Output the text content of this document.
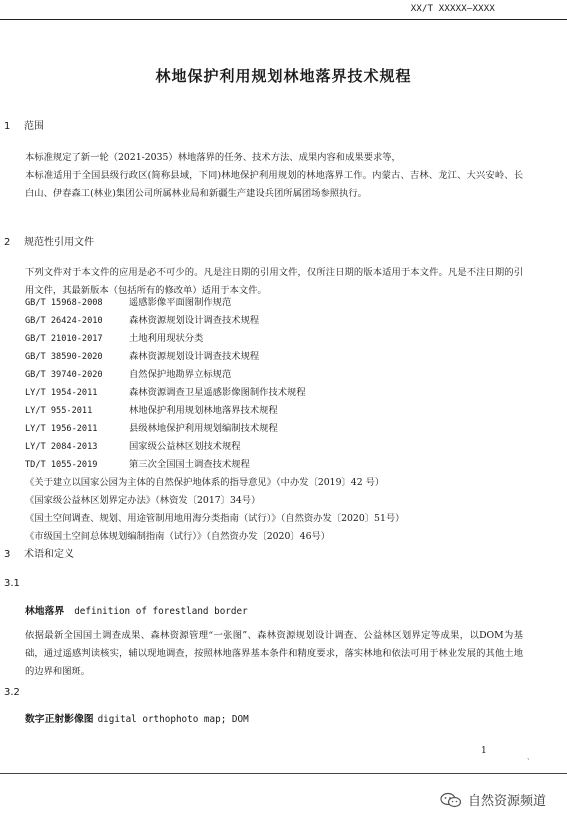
XX/T XXXXX—XXXX
林地保护利用规划林地落界技术规程
1 范围

本标准规定了新一轮（2021-2035）林地落界的任务、技术方法、成果内容和成果要求等，

本标准适用于全国县级行政区(简称县域，下同)林地保护利用规划的林地落界工作。内蒙古、吉林、龙江、大兴安岭、长白山、伊春森工(林业)集团公司所属林业局和新疆生产建设兵团所属团场参照执行。

2 规范性引用文件

下列文件对于本文件的应用是必不可少的。凡是注日期的引用文件，仅所注日期的版本适用于本文件。凡是不注日期的引用文件，其最新版本（包括所有的修改单）适用于本文件。

GB/T 15968-2008	遥感影像平面图制作规范
GB/T 26424-2010	森林资源规划设计调查技术规程
GB/T 21010-2017	土地利用现状分类
GB/T 38590-2020	森林资源规划设计调查技术规程
GB/T 39740-2020	自然保护地勘界立标规范
LY/T 1954-2011	森林资源调查卫星遥感影像图制作技术规程
LY/T 955-2011	林地保护利用规划林地落界技术规程
LY/T 1956-2011	县级林地保护利用规划编制技术规程
LY/T 2084-2013	国家级公益林区划技术规程
TD/T 1055-2019	第三次全国国土调查技术规程
《关于建立以国家公园为主体的自然保护地体系的指导意见》（中办发〔2019〕42 号）
《国家级公益林区划界定办法》（林资发〔2017〕34号）
《国土空间调查、规划、用途管制用地用海分类指南（试行）》（自然资办发〔2020〕51号）
《市级国土空间总体规划编制指南（试行）》（自然资办发〔2020〕46号）
3 术语和定义
3.1
林地落界 definition of forestland border

依据最新全国国土调查成果、森林资源管理“一张图”、森林资源规划设计调查、公益林区划界定等成果，以DOM为基础，通过遥感判读核实，辅以现地调查，按照林地落界基本条件和精度要求，落实林地和依法可用于林业发展的其他土地的边界和图斑。

3.2
数字正射影像图 digital orthophoto map; DOM
1
、
自然资源频道
